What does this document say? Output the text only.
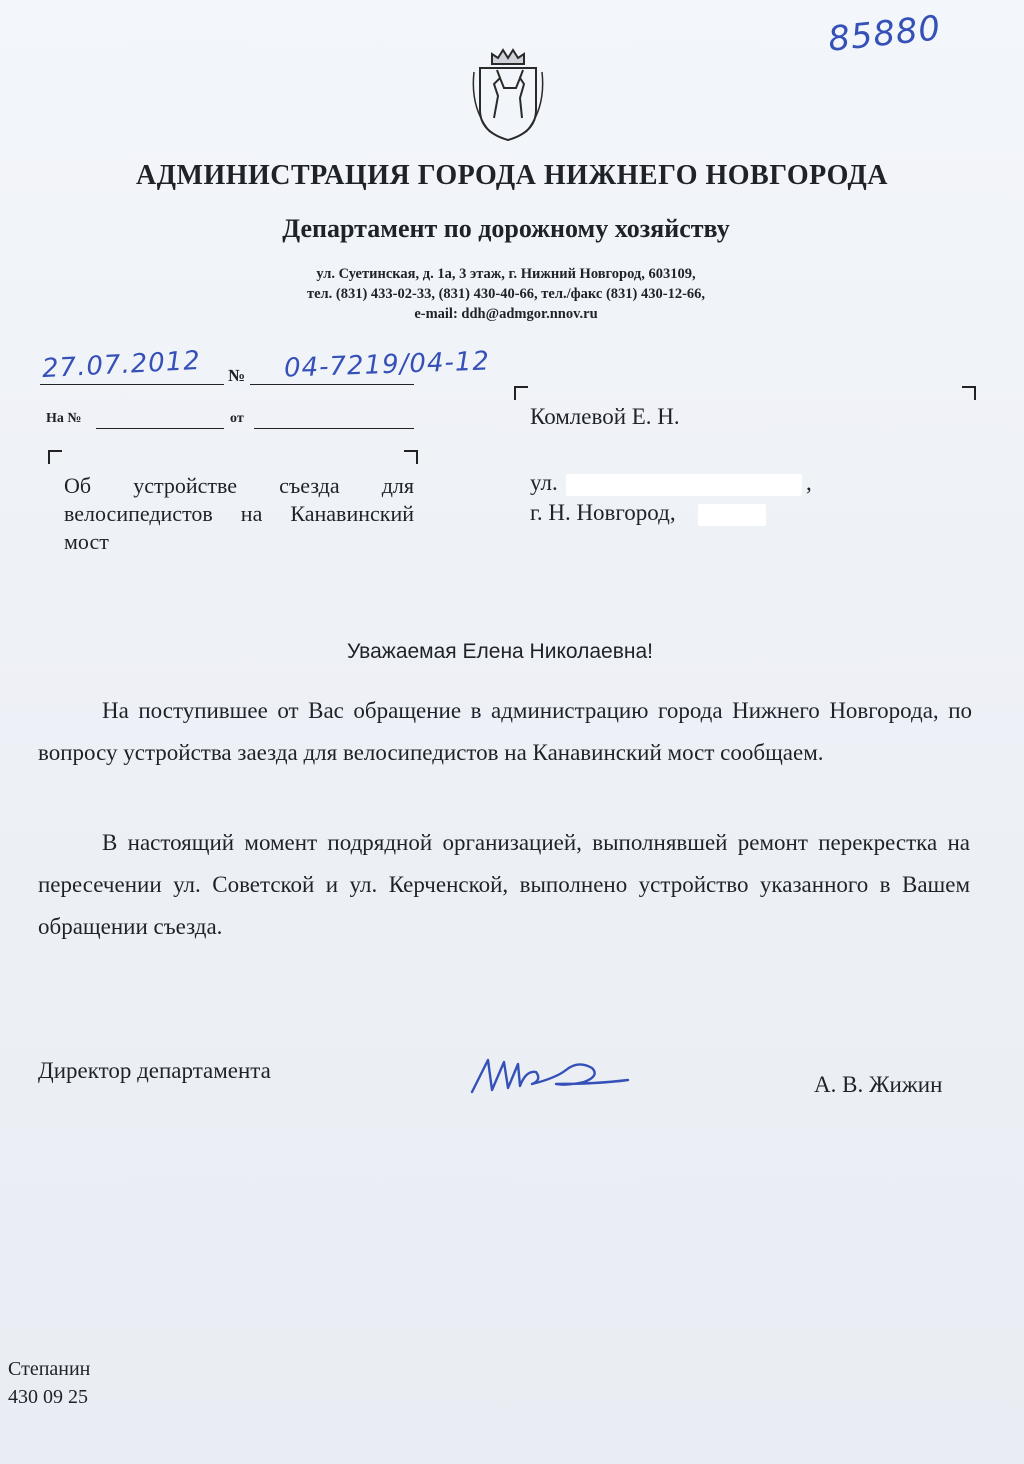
85880
АДМИНИСТРАЦИЯ ГОРОДА НИЖНЕГО НОВГОРОДА
Департамент по дорожному хозяйству
ул. Суетинская, д. 1а, 3 этаж, г. Нижний Новгород, 603109,
тел. (831) 433-02-33, (831) 430-40-66, тел./факс (831) 430-12-66,
e-mail: ddh@admgor.nnov.ru
27.07.2012 № 04-7219/04-12
На №	от
Об устройстве съезда для велосипедистов на Канавинский мост
Комлевой Е. Н.
ул.	,
г. Н. Новгород,
Уважаемая Елена Николаевна!
На поступившее от Вас обращение в администрацию города Нижнего Новгорода, по вопросу устройства заезда для велосипедистов на Канавинский мост сообщаем.
В настоящий момент подрядной организацией, выполнявшей ремонт перекрестка на пересечении ул. Советской и ул. Керченской, выполнено устройство указанного в Вашем обращении съезда.
Директор департамента
А. В. Жижин
Степанин
430 09 25
